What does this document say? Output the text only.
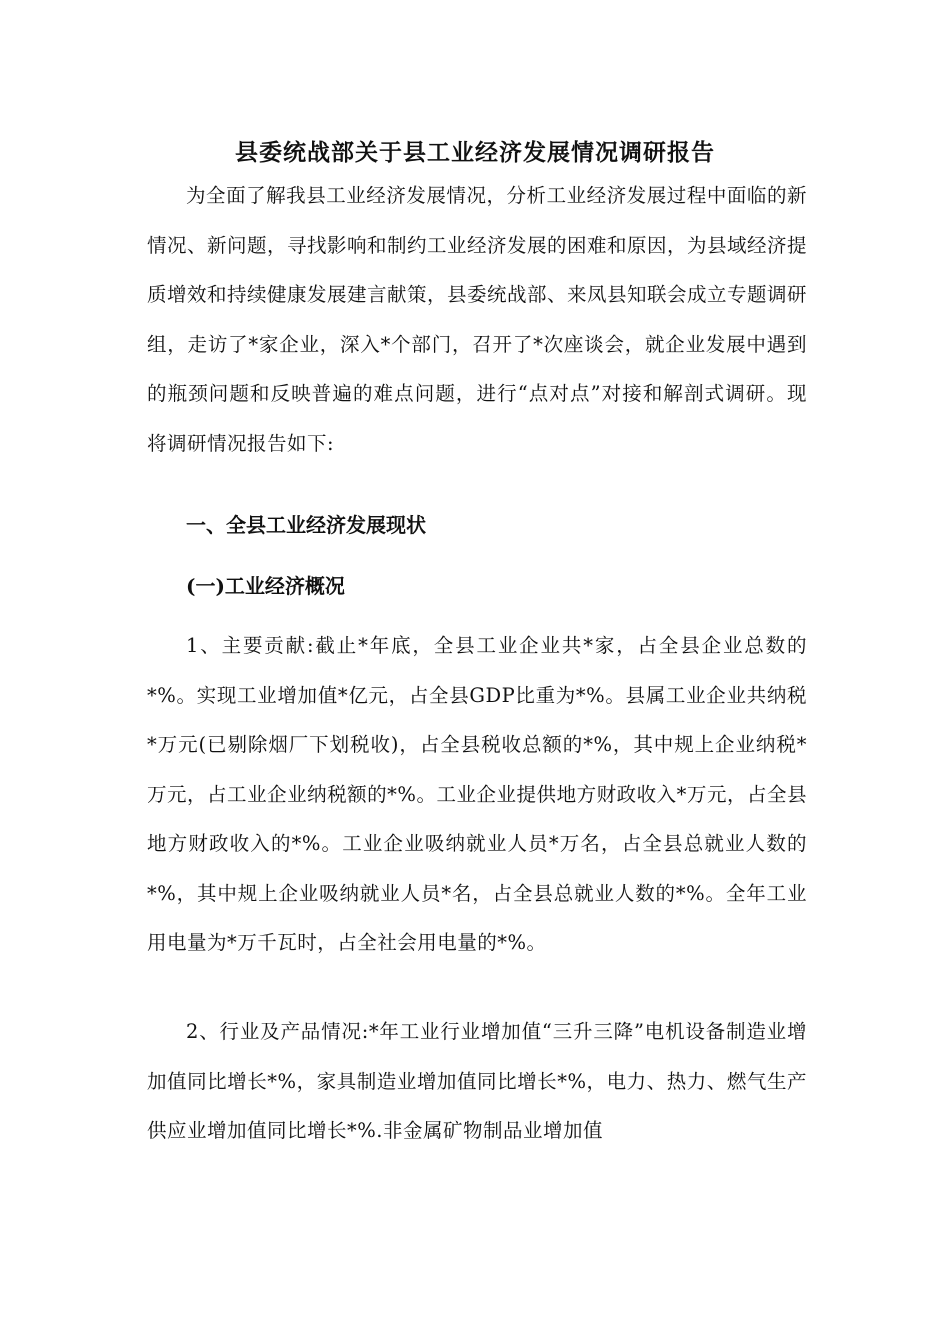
县委统战部关于县工业经济发展情况调研报告

为全面了解我县工业经济发展情况，分析工业经济发展过程中面临的新情况、新问题，寻找影响和制约工业经济发展的困难和原因，为县域经济提质增效和持续健康发展建言献策，县委统战部、来凤县知联会成立专题调研组，走访了*家企业，深入*个部门，召开了*次座谈会，就企业发展中遇到的瓶颈问题和反映普遍的难点问题，进行“点对点”对接和解剖式调研。现将调研情况报告如下:

一、全县工业经济发展现状
(一)工业经济概况

1、主要贡献:截止*年底，全县工业企业共*家，占全县企业总数的*%。实现工业增加值*亿元，占全县GDP比重为*%。县属工业企业共纳税*万元(已剔除烟厂下划税收)，占全县税收总额的*%，其中规上企业纳税*万元，占工业企业纳税额的*%。工业企业提供地方财政收入*万元，占全县地方财政收入的*%。工业企业吸纳就业人员*万名，占全县总就业人数的*%，其中规上企业吸纳就业人员*名，占全县总就业人数的*%。全年工业用电量为*万千瓦时，占全社会用电量的*%。

2、行业及产品情况:*年工业行业增加值“三升三降”电机设备制造业增加值同比增长*%，家具制造业增加值同比增长*%，电力、热力、燃气生产供应业增加值同比增长*%.非金属矿物制品业增加值
